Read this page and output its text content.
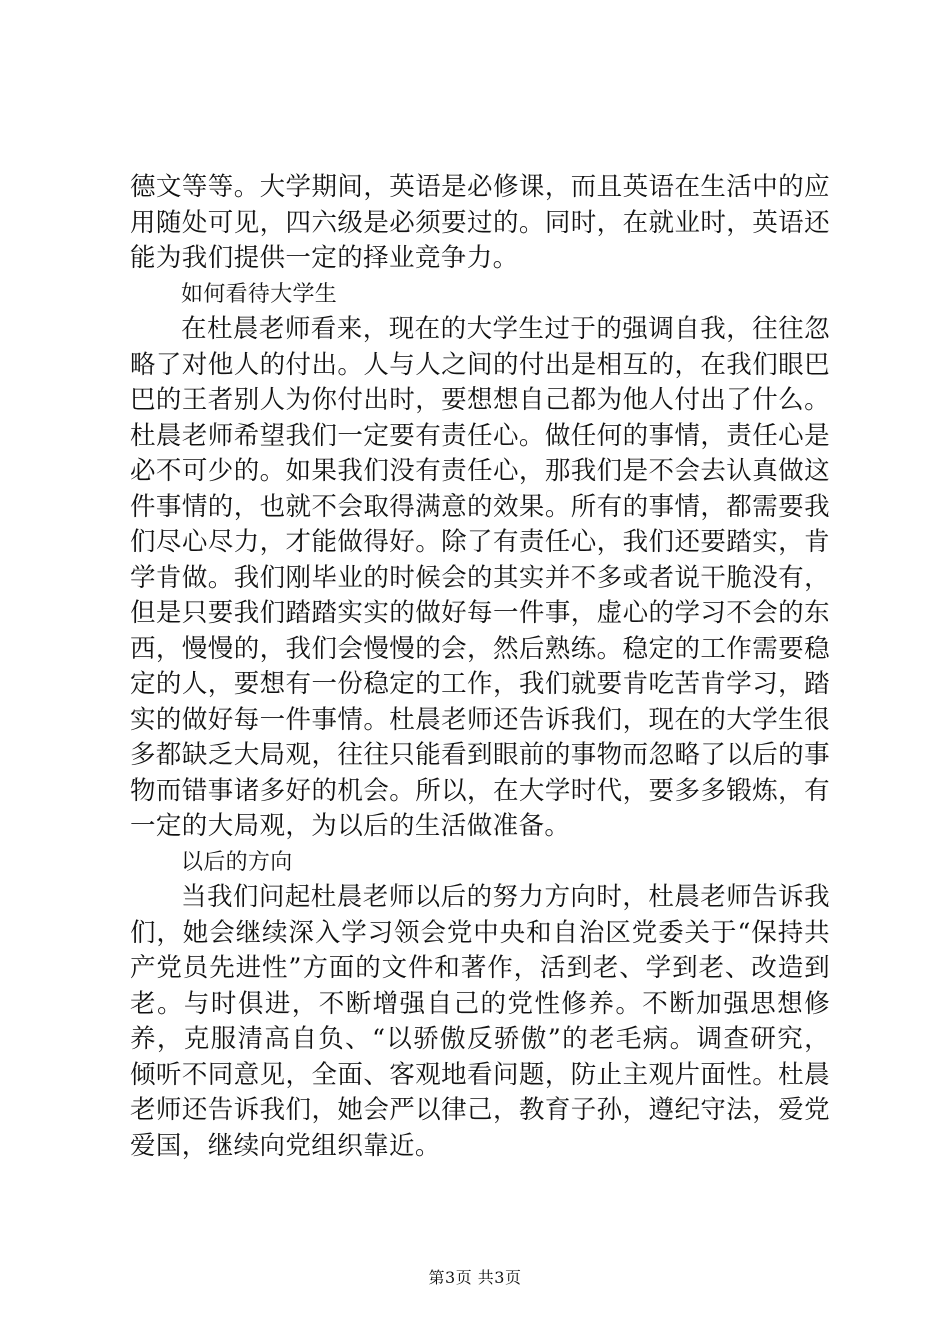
德文等等。大学期间，英语是必修课，而且英语在生活中的应用随处可见，四六级是必须要过的。同时，在就业时，英语还能为我们提供一定的择业竞争力。

如何看待大学生

在杜晨老师看来，现在的大学生过于的强调自我，往往忽略了对他人的付出。人与人之间的付出是相互的，在我们眼巴巴的王者别人为你付出时，要想想自己都为他人付出了什么。杜晨老师希望我们一定要有责任心。做任何的事情，责任心是必不可少的。如果我们没有责任心，那我们是不会去认真做这件事情的，也就不会取得满意的效果。所有的事情，都需要我们尽心尽力，才能做得好。除了有责任心，我们还要踏实，肯学肯做。我们刚毕业的时候会的其实并不多或者说干脆没有，但是只要我们踏踏实实的做好每一件事，虚心的学习不会的东西，慢慢的，我们会慢慢的会，然后熟练。稳定的工作需要稳定的人，要想有一份稳定的工作，我们就要肯吃苦肯学习，踏实的做好每一件事情。杜晨老师还告诉我们，现在的大学生很多都缺乏大局观，往往只能看到眼前的事物而忽略了以后的事物而错事诸多好的机会。所以，在大学时代，要多多锻炼，有一定的大局观，为以后的生活做准备。

以后的方向

当我们问起杜晨老师以后的努力方向时，杜晨老师告诉我们，她会继续深入学习领会党中央和自治区党委关于“保持共产党员先进性”方面的文件和著作，活到老、学到老、改造到老。与时俱进，不断增强自己的党性修养。不断加强思想修养，克服清高自负、“以骄傲反骄傲”的老毛病。调查研究，倾听不同意见，全面、客观地看问题，防止主观片面性。杜晨老师还告诉我们，她会严以律己，教育子孙，遵纪守法，爱党爱国，继续向党组织靠近。

第3页 共3页
